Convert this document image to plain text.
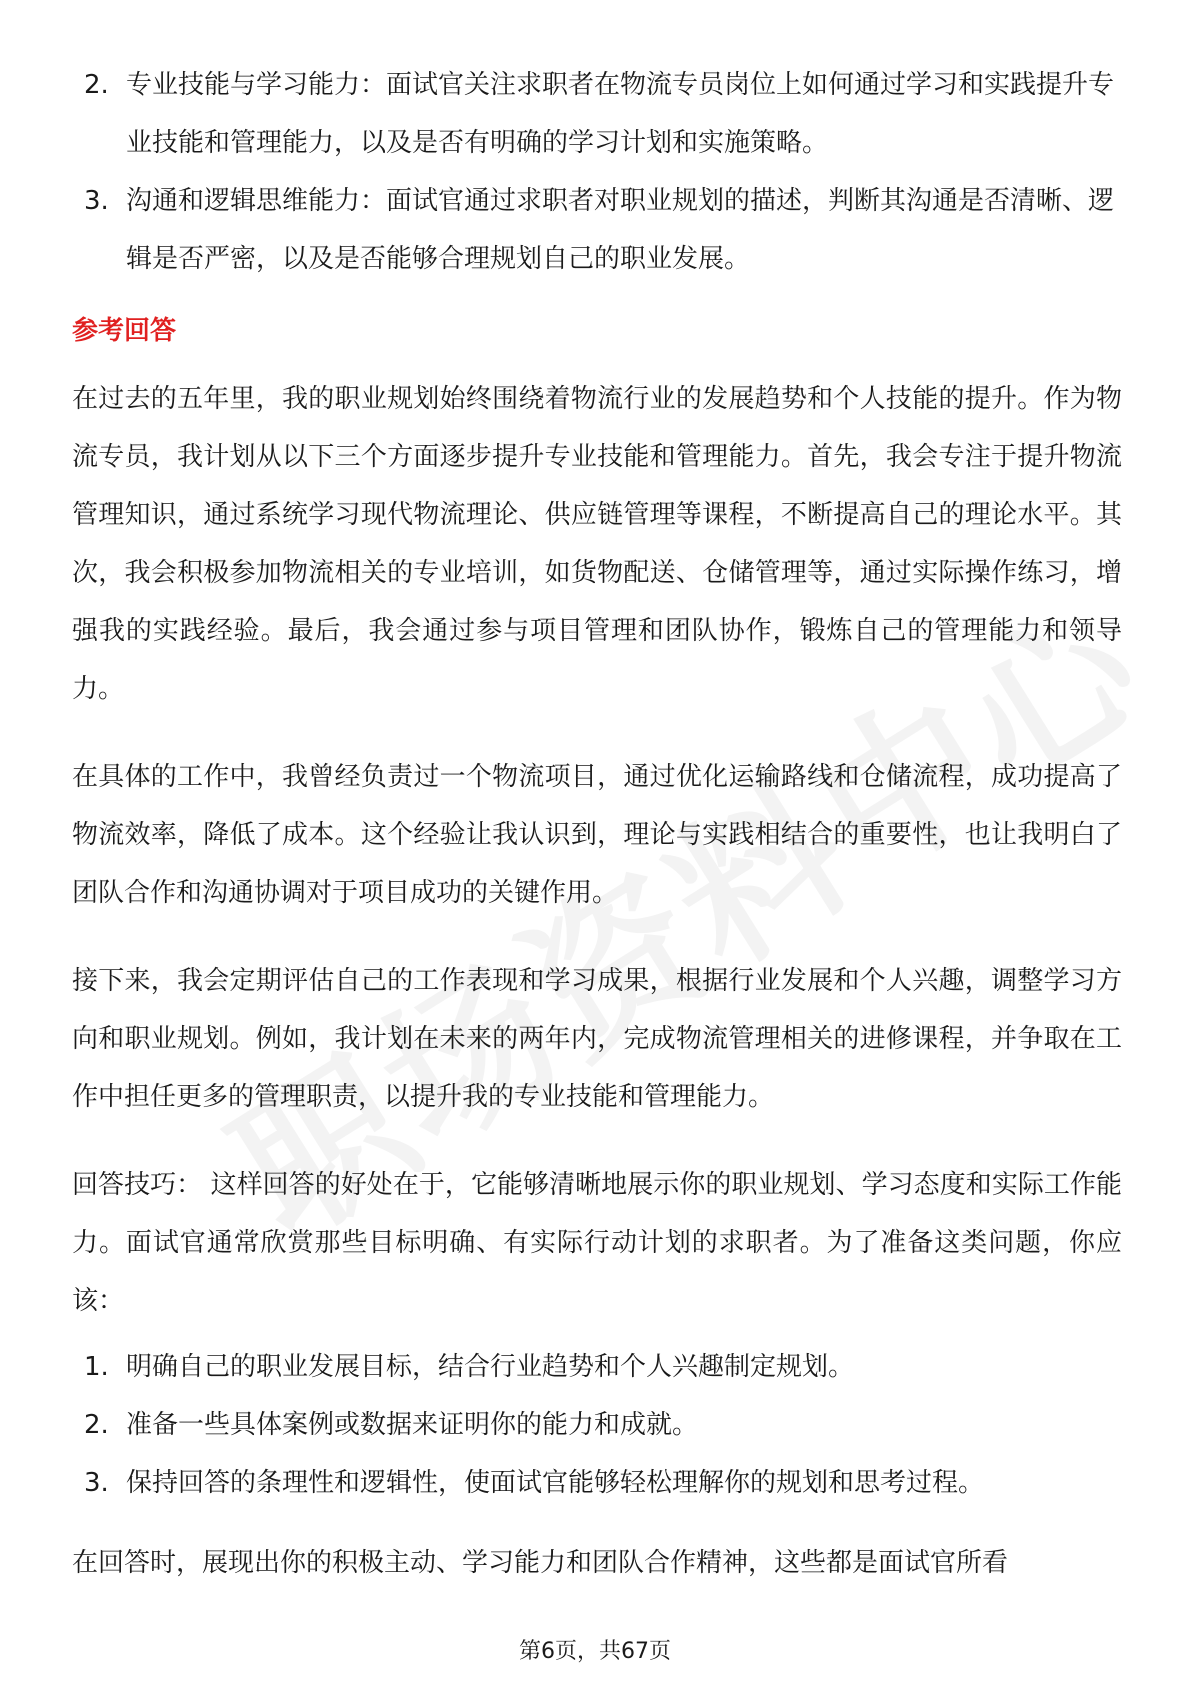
2. 专业技能与学习能力：面试官关注求职者在物流专员岗位上如何通过学习和实践提升专业技能和管理能力，以及是否有明确的学习计划和实施策略。
3. 沟通和逻辑思维能力：面试官通过求职者对职业规划的描述，判断其沟通是否清晰、逻辑是否严密，以及是否能够合理规划自己的职业发展。
参考回答

在过去的五年里，我的职业规划始终围绕着物流行业的发展趋势和个人技能的提升。作为物流专员，我计划从以下三个方面逐步提升专业技能和管理能力。首先，我会专注于提升物流管理知识，通过系统学习现代物流理论、供应链管理等课程，不断提高自己的理论水平。其次，我会积极参加物流相关的专业培训，如货物配送、仓储管理等，通过实际操作练习，增强我的实践经验。最后，我会通过参与项目管理和团队协作，锻炼自己的管理能力和领导力。

在具体的工作中，我曾经负责过一个物流项目，通过优化运输路线和仓储流程，成功提高了物流效率，降低了成本。这个经验让我认识到，理论与实践相结合的重要性，也让我明白了团队合作和沟通协调对于项目成功的关键作用。

接下来，我会定期评估自己的工作表现和学习成果，根据行业发展和个人兴趣，调整学习方向和职业规划。例如，我计划在未来的两年内，完成物流管理相关的进修课程，并争取在工作中担任更多的管理职责，以提升我的专业技能和管理能力。

回答技巧： 这样回答的好处在于，它能够清晰地展示你的职业规划、学习态度和实际工作能力。面试官通常欣赏那些目标明确、有实际行动计划的求职者。为了准备这类问题，你应该：

1. 明确自己的职业发展目标，结合行业趋势和个人兴趣制定规划。
2. 准备一些具体案例或数据来证明你的能力和成就。
3. 保持回答的条理性和逻辑性，使面试官能够轻松理解你的规划和思考过程。

在回答时，展现出你的积极主动、学习能力和团队合作精神，这些都是面试官所看

第6页，共67页
